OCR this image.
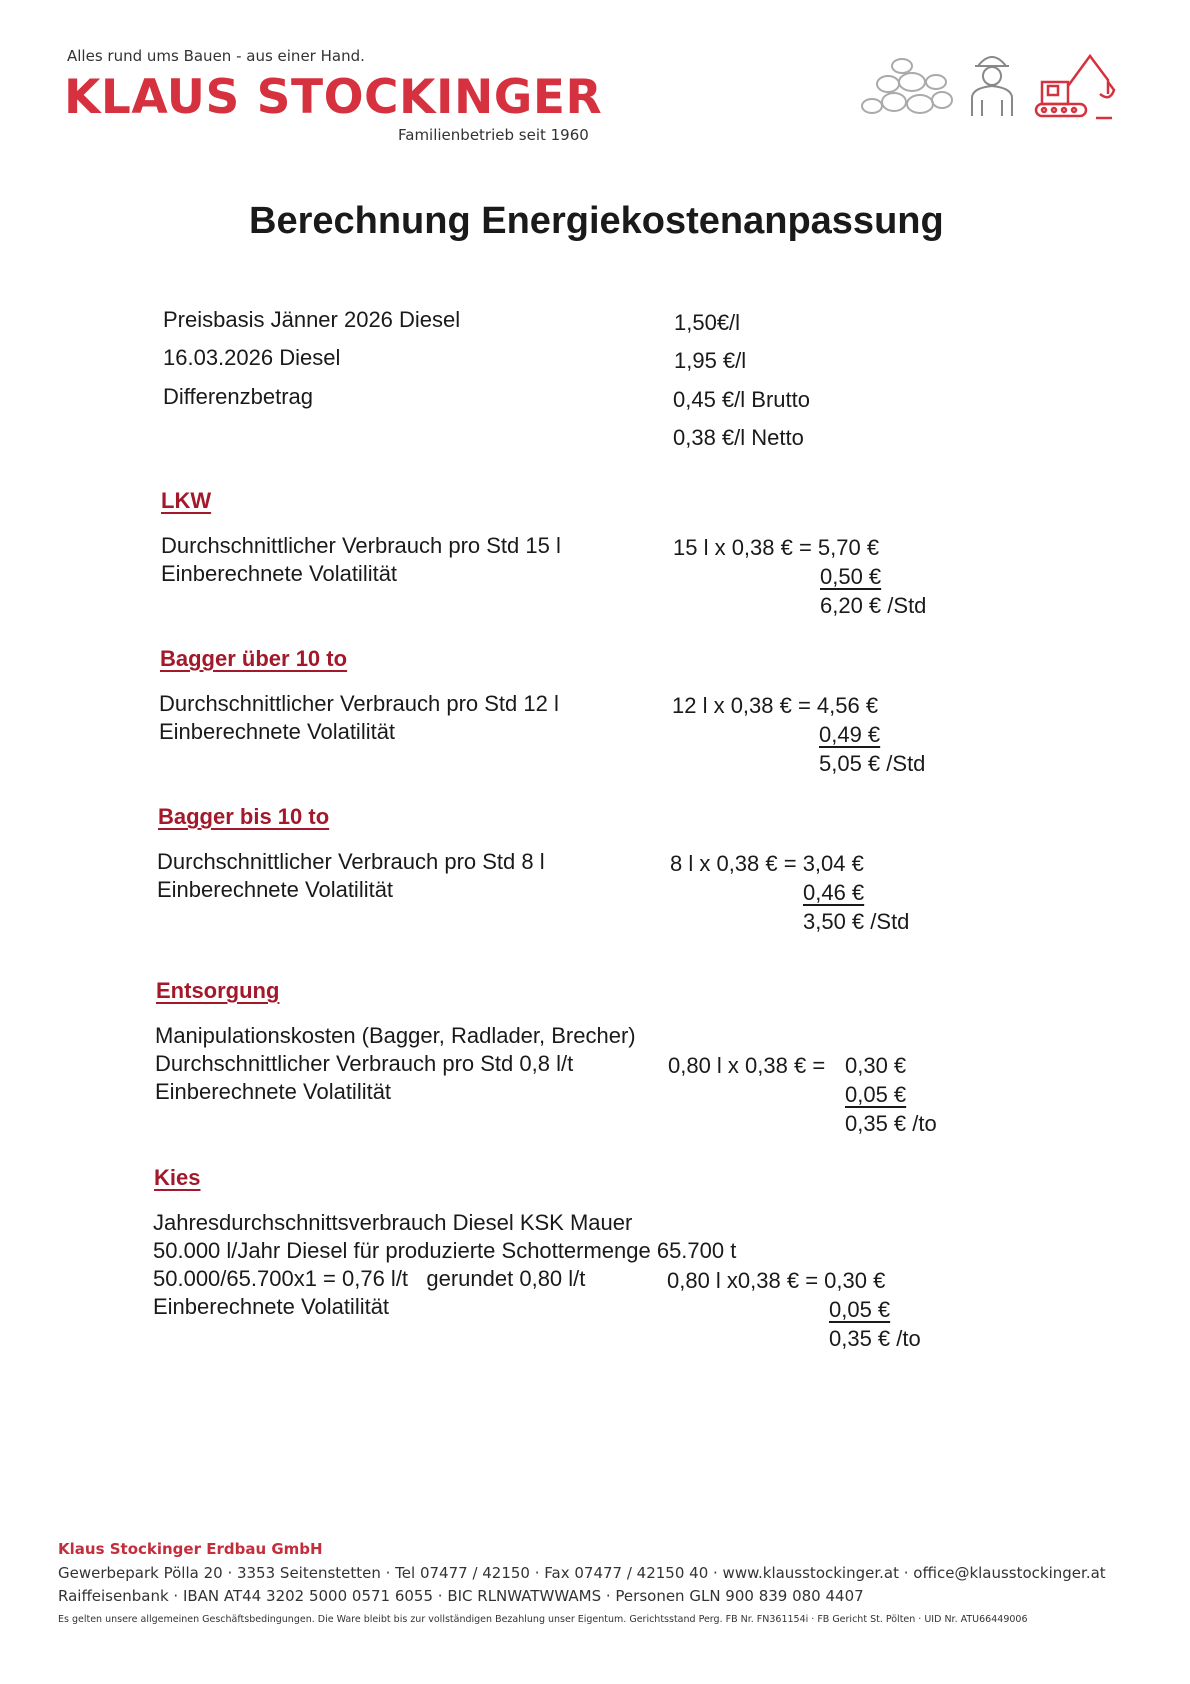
Alles rund ums Bauen - aus einer Hand.
KLAUS STOCKINGER
Familienbetrieb seit 1960
Berechnung Energiekostenanpassung
Preisbasis Jänner 2026 Diesel	1,50€/l
16.03.2026 Diesel	1,95 €/l
Differenzbetrag	0,45 €/l Brutto
0,38 €/l Netto
LKW
Durchschnittlicher Verbrauch pro Std 15 l
Einberechnete Volatilität
15 l x 0,38 € = 5,70 €
0,50 €
6,20 € /Std
Bagger über 10 to
Durchschnittlicher Verbrauch pro Std 12 l
Einberechnete Volatilität
12 l x 0,38 € = 4,56 €
0,49 €
5,05 € /Std
Bagger bis 10 to
Durchschnittlicher Verbrauch pro Std 8 l
Einberechnete Volatilität
8 l x 0,38 € = 3,04 €
0,46 €
3,50 € /Std
Entsorgung
Manipulationskosten (Bagger, Radlader, Brecher)
Durchschnittlicher Verbrauch pro Std 0,8 l/t
Einberechnete Volatilität
0,80 l x 0,38 € = 0,30 €
0,05 €
0,35 € /to
Kies
Jahresdurchschnittsverbrauch Diesel KSK Mauer
50.000 l/Jahr Diesel für produzierte Schottermenge 65.700 t
50.000/65.700x1 = 0,76 l/t   gerundet 0,80 l/t
Einberechnete Volatilität
0,80 l x0,38 € = 0,30 €
0,05 €
0,35 € /to
Klaus Stockinger Erdbau GmbH
Gewerbepark Pölla 20 · 3353 Seitenstetten · Tel 07477 / 42150 · Fax 07477 / 42150 40 · www.klausstockinger.at · office@klausstockinger.at
Raiffeisenbank · IBAN AT44 3202 5000 0571 6055 · BIC RLNWATWWAMS · Personen GLN 900 839 080 4407
Es gelten unsere allgemeinen Geschäftsbedingungen. Die Ware bleibt bis zur vollständigen Bezahlung unser Eigentum. Gerichtsstand Perg. FB Nr. FN361154i · FB Gericht St. Pölten · UID Nr. ATU66449006
